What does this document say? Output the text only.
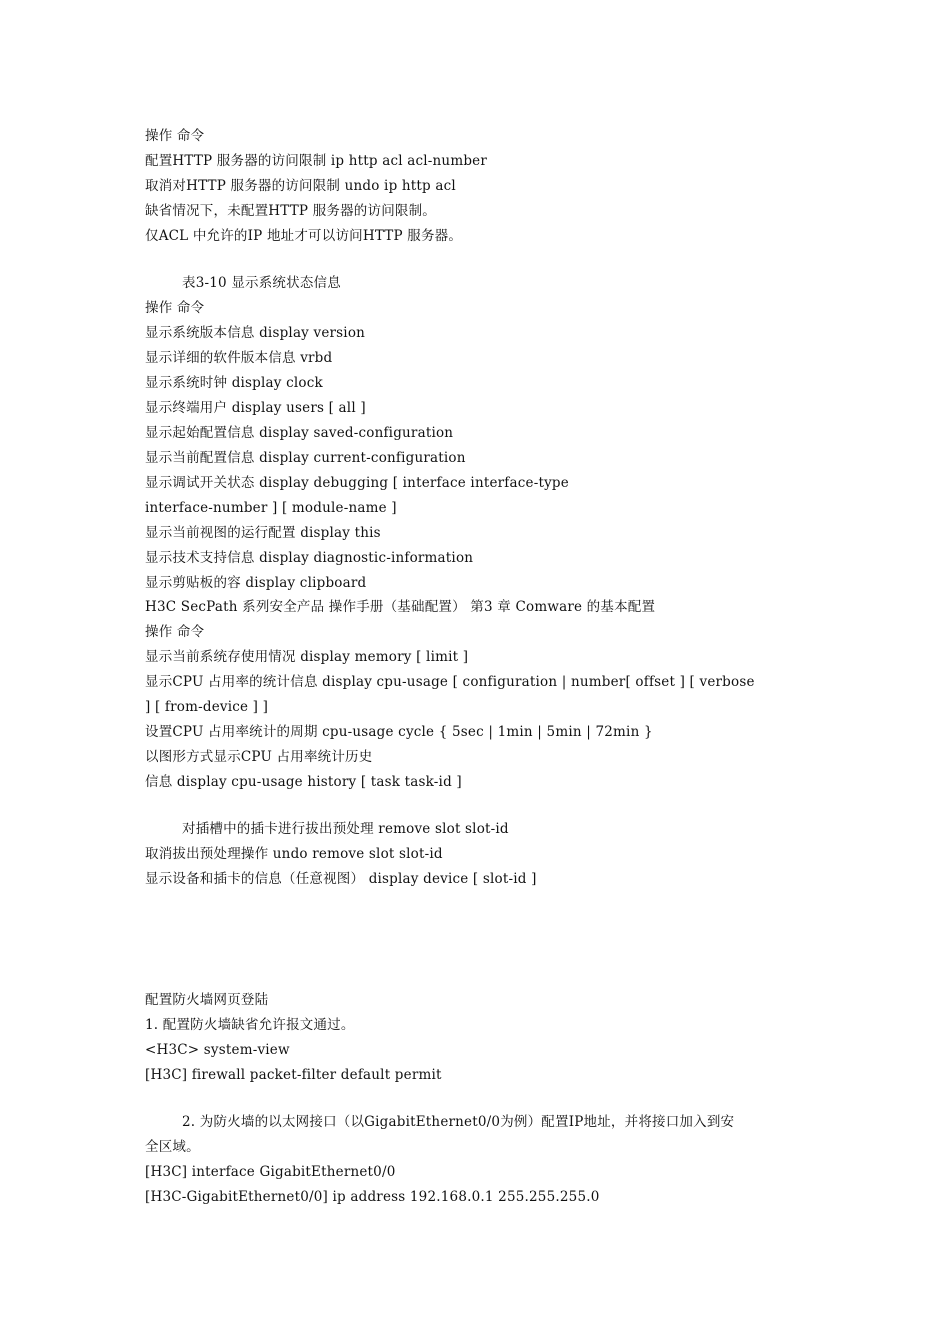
操作 命令
配置HTTP 服务器的访问限制 ip http acl acl-number
取消对HTTP 服务器的访问限制 undo ip http acl
缺省情况下，未配置HTTP 服务器的访问限制。
仅ACL 中允许的IP 地址才可以访问HTTP 服务器。
表3-10 显示系统状态信息
操作 命令
显示系统版本信息 display version
显示详细的软件版本信息 vrbd
显示系统时钟 display clock
显示终端用户 display users [ all ]
显示起始配置信息 display saved-configuration
显示当前配置信息 display current-configuration
显示调试开关状态 display debugging [ interface interface-type
interface-number ] [ module-name ]
显示当前视图的运行配置 display this
显示技术支持信息 display diagnostic-information
显示剪贴板的容 display clipboard
H3C SecPath 系列安全产品 操作手册（基础配置） 第3 章 Comware 的基本配置
操作 命令
显示当前系统存使用情况 display memory [ limit ]
显示CPU 占用率的统计信息 display cpu-usage [ configuration | number[ offset ] [ verbose
] [ from-device ] ]
设置CPU 占用率统计的周期 cpu-usage cycle { 5sec | 1min | 5min | 72min }
以图形方式显示CPU 占用率统计历史
信息 display cpu-usage history [ task task-id ]
对插槽中的插卡进行拔出预处理 remove slot slot-id
取消拔出预处理操作 undo remove slot slot-id
显示设备和插卡的信息（任意视图） display device [ slot-id ]
配置防火墙网页登陆
1. 配置防火墙缺省允许报文通过。
<H3C> system-view
[H3C] firewall packet-filter default permit
2. 为防火墙的以太网接口（以GigabitEthernet0/0为例）配置IP地址，并将接口加入到安
全区域。
[H3C] interface GigabitEthernet0/0
[H3C-GigabitEthernet0/0] ip address 192.168.0.1 255.255.255.0
